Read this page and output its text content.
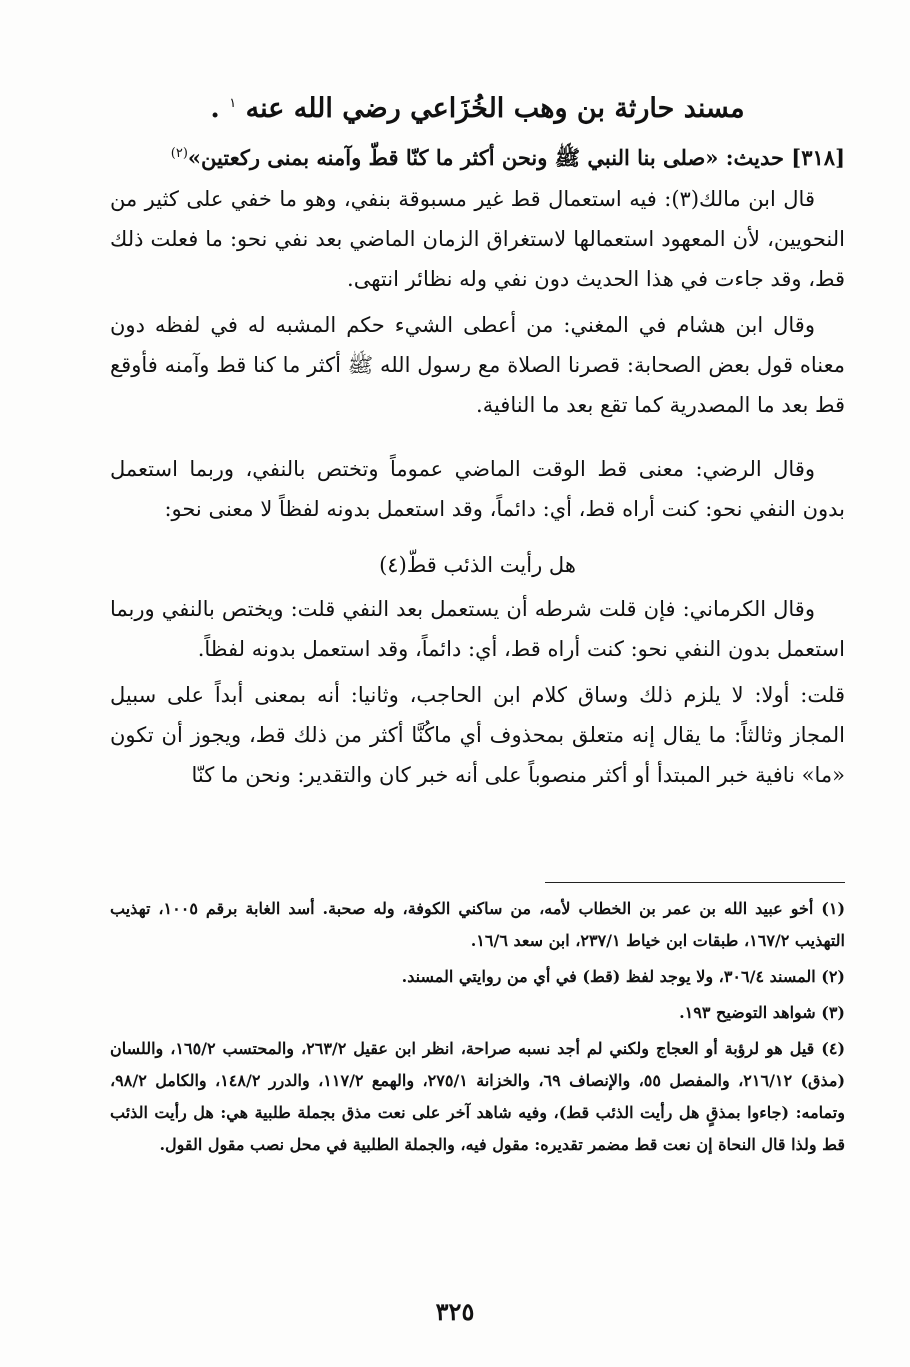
مسند حارثة بن وهب الخُزَاعي رضي الله عنه $^١$ .
[٣١٨] حديث: «صلى بنا النبي ﷺ ونحن أكثر ما كنّا قطّ وآمنه بمنى ركعتين»$^{(٢)}$

قال ابن مالك(٣): فيه استعمال قط غير مسبوقة بنفي، وهو ما خفي على كثير من النحويين، لأن المعهود استعمالها لاستغراق الزمان الماضي بعد نفي نحو: ما فعلت ذلك قط، وقد جاءت في هذا الحديث دون نفي وله نظائر انتهى.

وقال ابن هشام في المغني: من أعطى الشيء حكم المشبه له في لفظه دون معناه قول بعض الصحابة: قصرنا الصلاة مع رسول الله ﷺ أكثر ما كنا قط وآمنه فأوقع قط بعد ما المصدرية كما تقع بعد ما النافية.

وقال الرضي: معنى قط الوقت الماضي عموماً وتختص بالنفي، وربما استعمل بدون النفي نحو: كنت أراه قط، أي: دائماً، وقد استعمل بدونه لفظاً لا معنى نحو:

هل رأيت الذئب قطّ(٤)

وقال الكرماني: فإن قلت شرطه أن يستعمل بعد النفي قلت: ويختص بالنفي وربما استعمل بدون النفي نحو: كنت أراه قط، أي: دائماً، وقد استعمل بدونه لفظاً.

قلت: أولا: لا يلزم ذلك وساق كلام ابن الحاجب، وثانيا: أنه بمعنى أبداً على سبيل المجاز وثالثاً: ما يقال إنه متعلق بمحذوف أي ماكُنَّا أكثر من ذلك قط، ويجوز أن تكون «ما» نافية خبر المبتدأ أو أكثر منصوباً على أنه خبر كان والتقدير: ونحن ما كنّا

(١) أخو عبيد الله بن عمر بن الخطاب لأمه، من ساكني الكوفة، وله صحبة. أسد الغابة برقم ١٠٠٥، تهذيب التهذيب ١٦٧/٢، طبقات ابن خياط ٢٣٧/١، ابن سعد ١٦/٦.

(٢) المسند ٣٠٦/٤، ولا يوجد لفظ (قط) في أي من روايتي المسند.

(٣) شواهد التوضيح ١٩٣.

(٤) قيل هو لرؤبة أو العجاج ولكني لم أجد نسبه صراحة، انظر ابن عقيل ٢٦٣/٢، والمحتسب ١٦٥/٢، واللسان (مذق) ٢١٦/١٢، والمفصل ٥٥، والإنصاف ٦٩، والخزانة ٢٧٥/١، والهمع ١١٧/٢، والدرر ١٤٨/٢، والكامل ٩٨/٢، وتمامه: (جاءوا بمذقٍ هل رأيت الذئب قط)، وفيه شاهد آخر على نعت مذق بجملة طلبية هي: هل رأيت الذئب قط ولذا قال النحاة إن نعت قط مضمر تقديره: مقول فيه، والجملة الطلبية في محل نصب مقول القول.

٣٢٥
